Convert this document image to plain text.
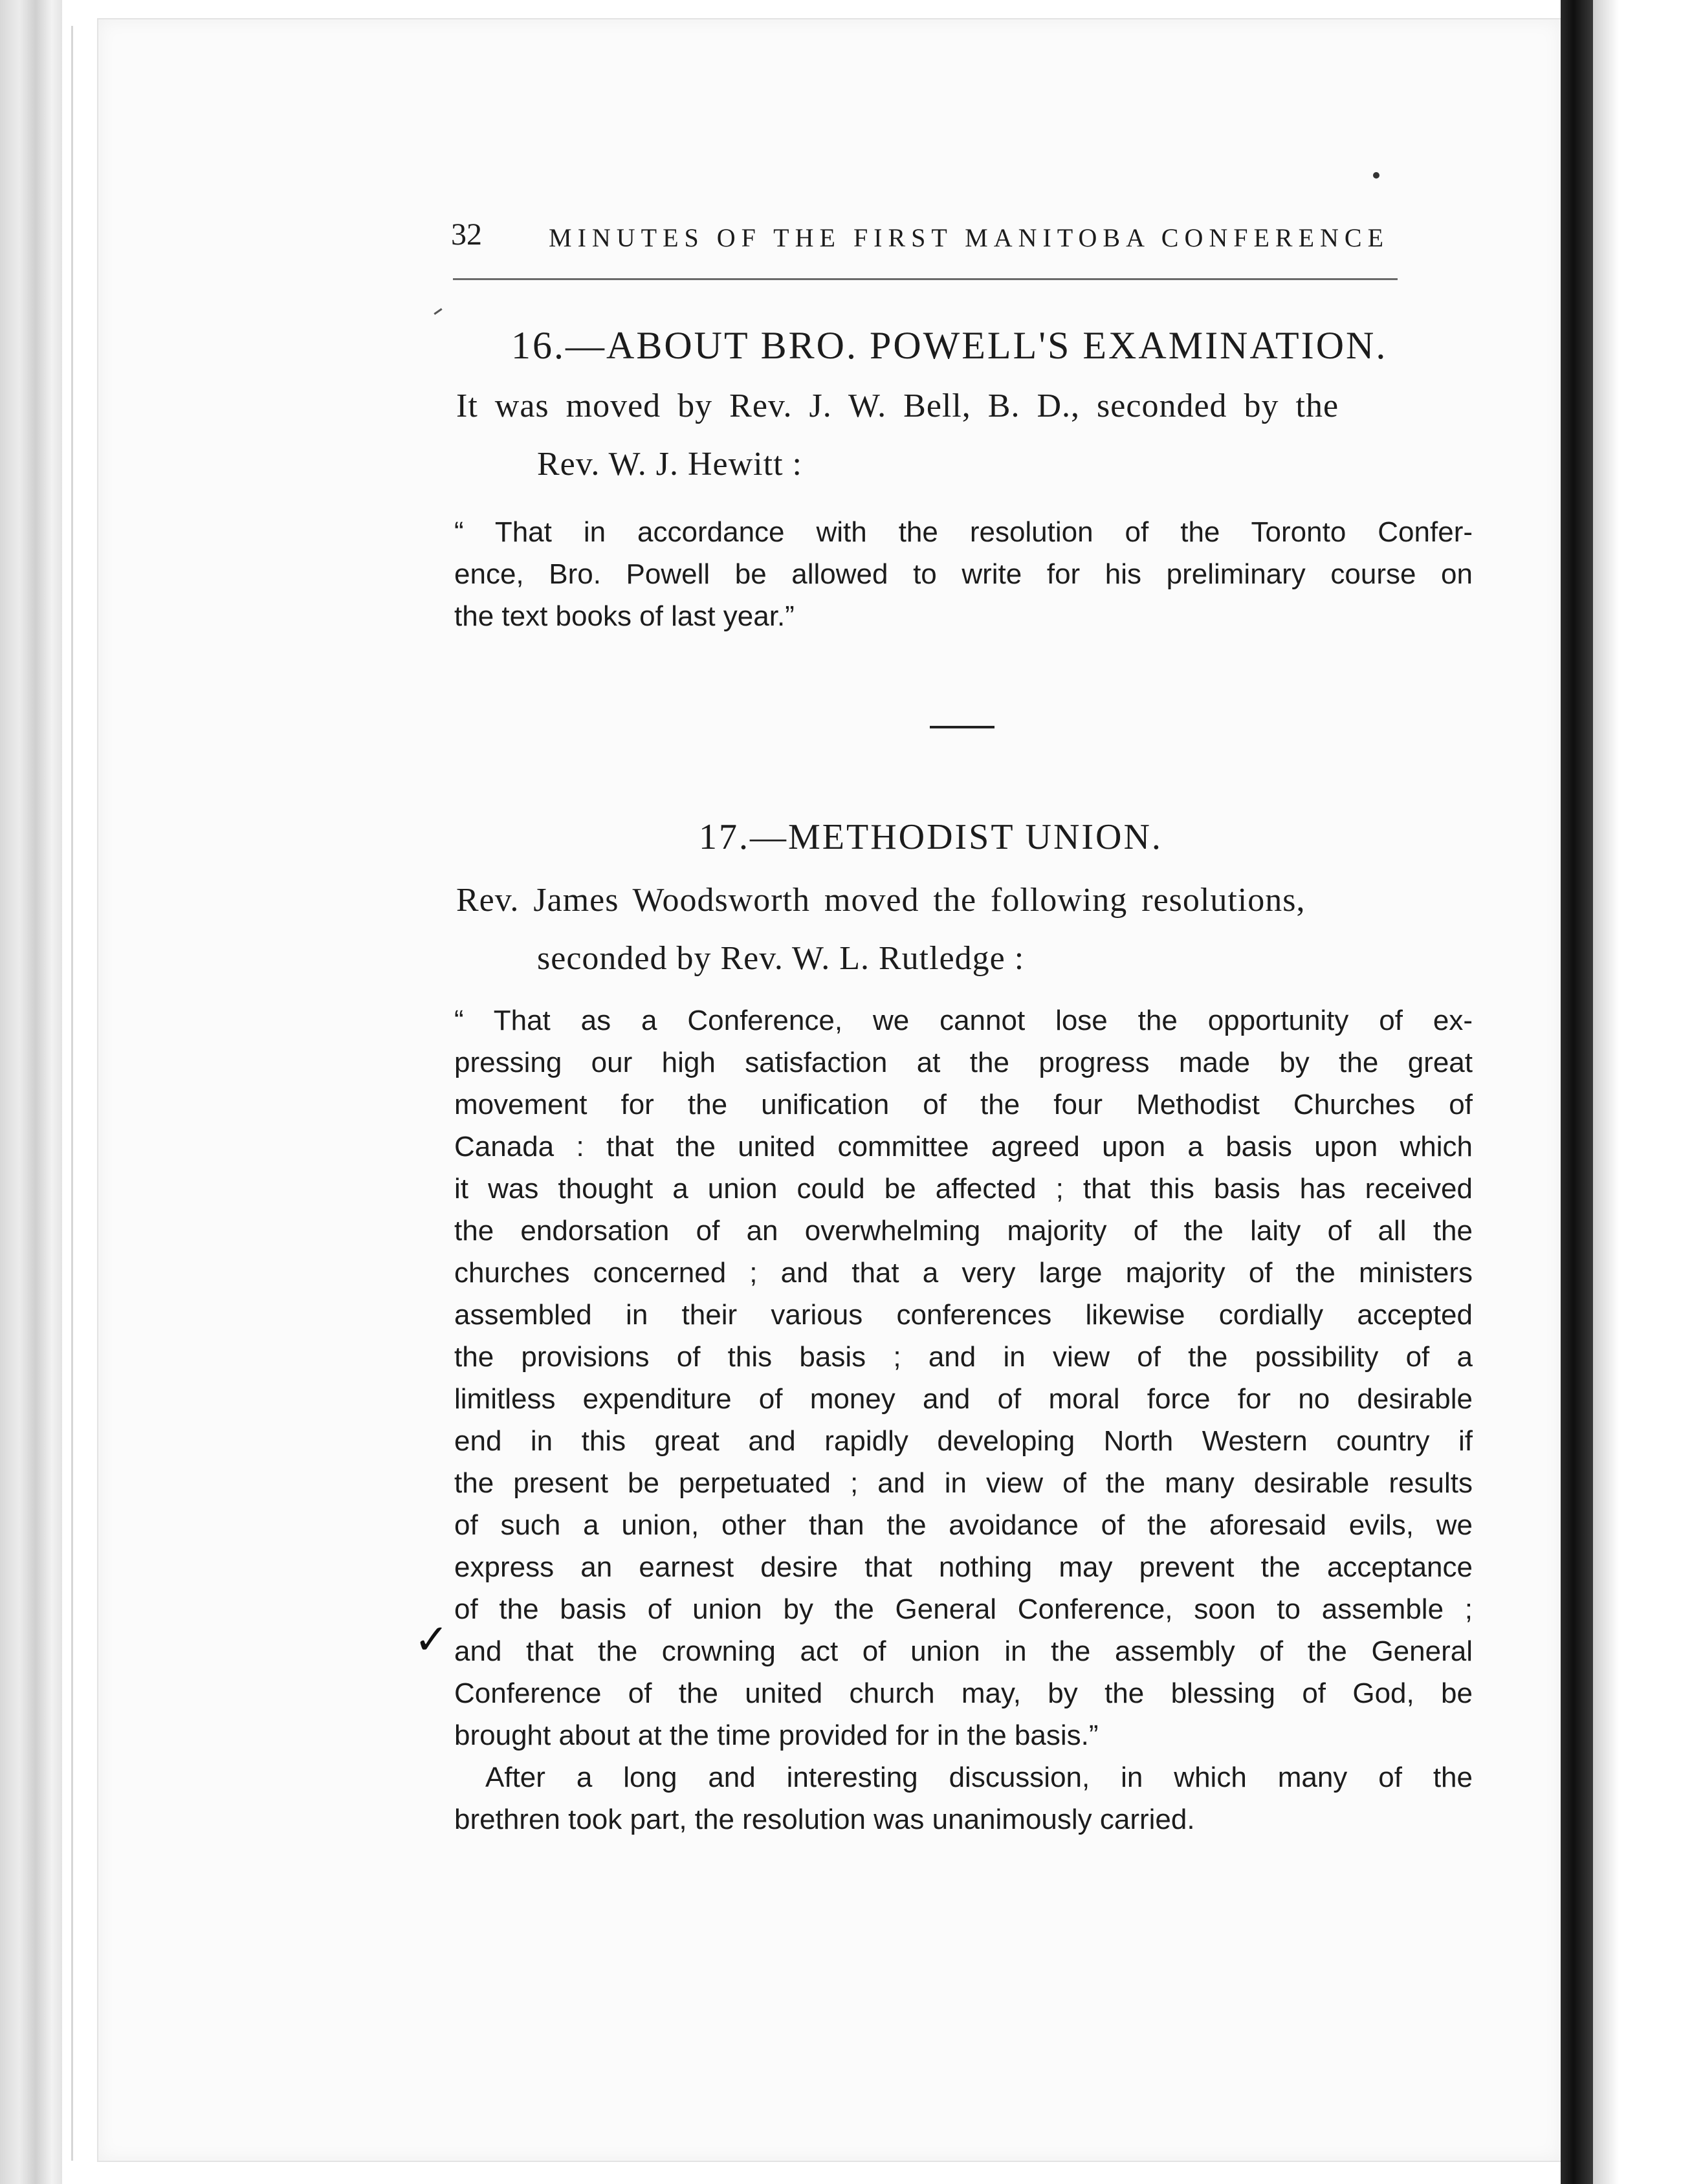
32	MINUTES OF THE FIRST MANITOBA CONFERENCE
16.—ABOUT BRO. POWELL'S EXAMINATION.
It was moved by Rev. J. W. Bell, B. D., seconded by the
Rev. W. J. Hewitt :
“ That in accordance with the resolution of the Toronto Confer-
ence, Bro. Powell be allowed to write for his preliminary course on
the text books of last year.”
17.—METHODIST UNION.
Rev. James Woodsworth moved the following resolutions,
seconded by Rev. W. L. Rutledge :
“ That as a Conference, we cannot lose the opportunity of ex-
pressing our high satisfaction at the progress made by the great
movement for the unification of the four Methodist Churches of
Canada : that the united committee agreed upon a basis upon which
it was thought a union could be affected ; that this basis has received
the endorsation of an overwhelming majority of the laity of all the
churches concerned ; and that a very large majority of the ministers
assembled in their various conferences likewise cordially accepted
the provisions of this basis ; and in view of the possibility of a
limitless expenditure of money and of moral force for no desirable
end in this great and rapidly developing North Western country if
the present be perpetuated ; and in view of the many desirable results
of such a union, other than the avoidance of the aforesaid evils, we
express an earnest desire that nothing may prevent the acceptance
of the basis of union by the General Conference, soon to assemble ;
and that the crowning act of union in the assembly of the General
Conference of the united church may, by the blessing of God, be
brought about at the time provided for in the basis.”
After a long and interesting discussion, in which many of the
brethren took part, the resolution was unanimously carried.
✓
